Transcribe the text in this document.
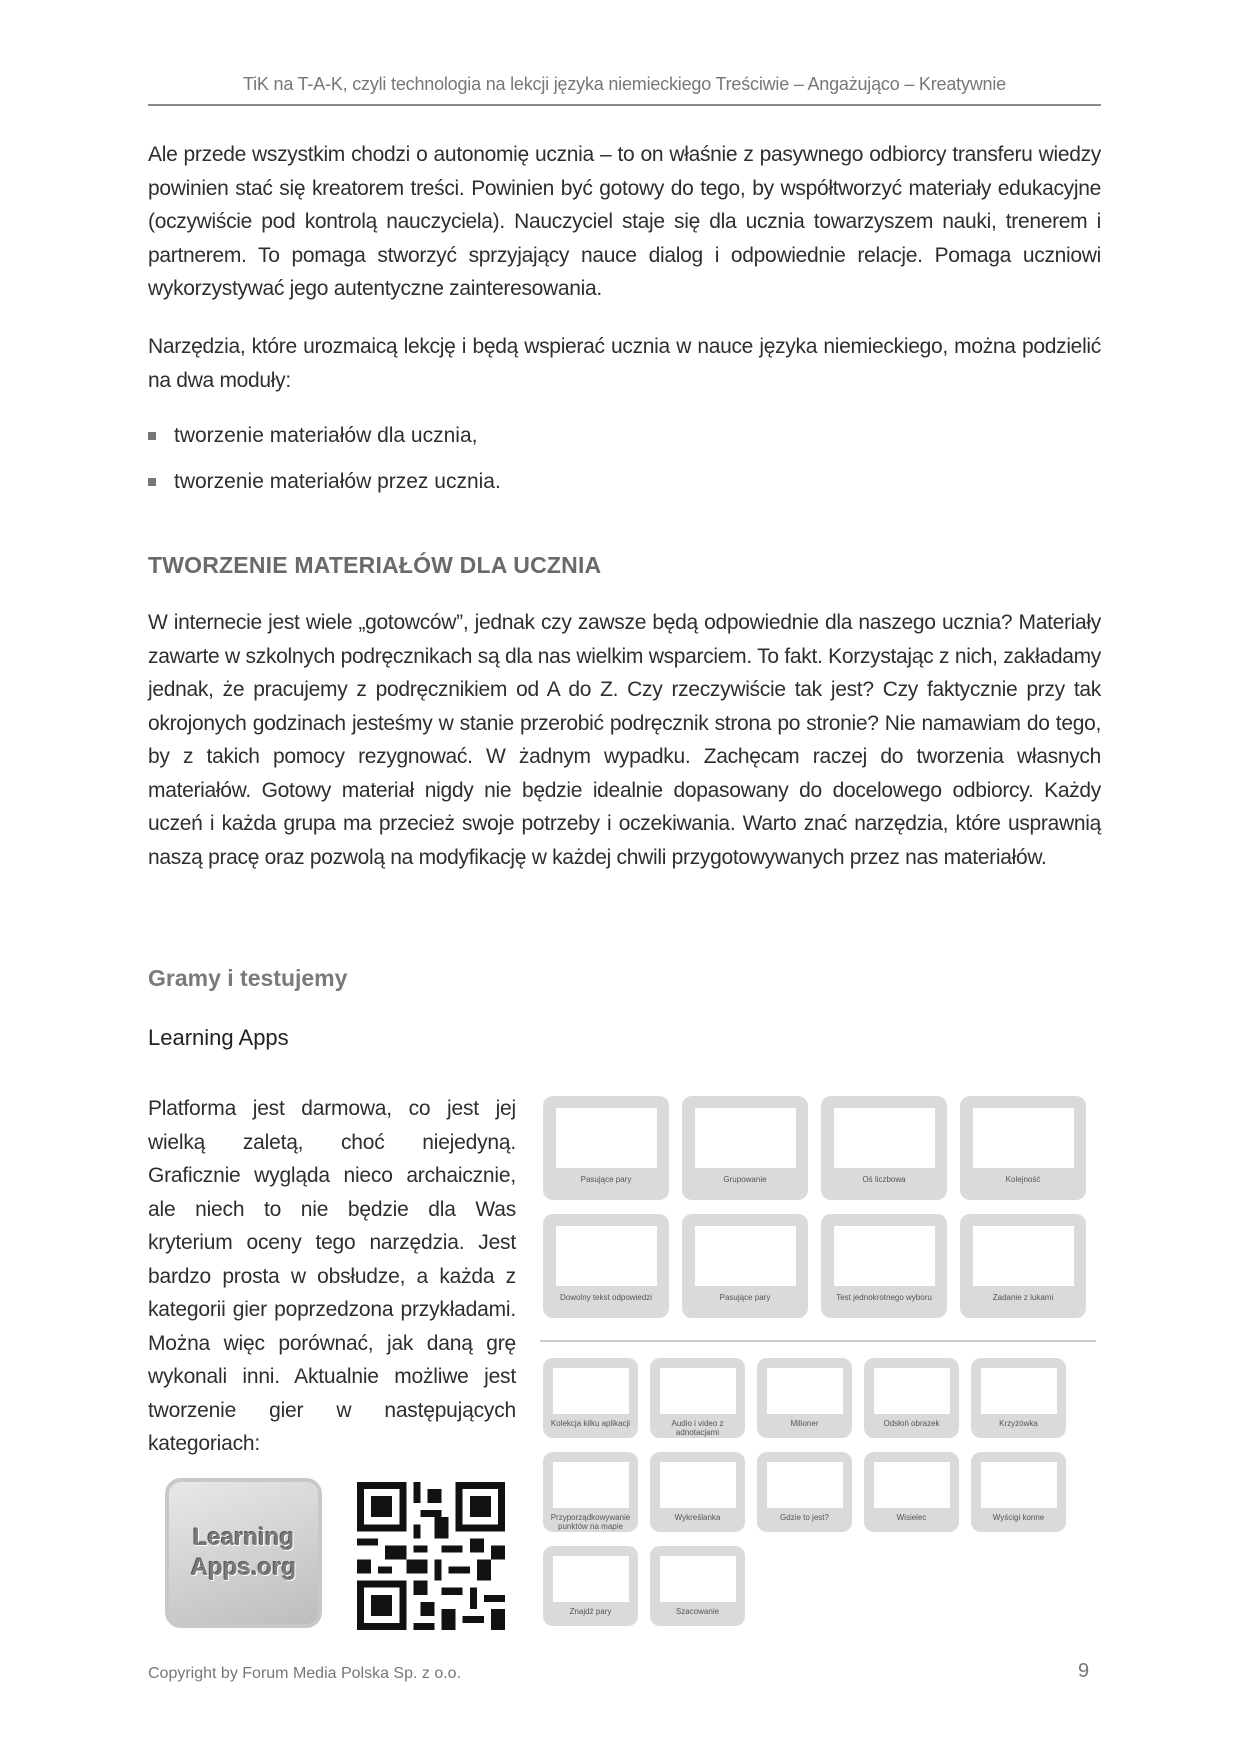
TiK na T-A-K, czyli technologia na lekcji języka niemieckiego Treściwie – Angażująco – Kreatywnie
Ale przede wszystkim chodzi o autonomię ucznia – to on właśnie z pasywnego odbiorcy transferu wiedzy powinien stać się kreatorem treści. Powinien być gotowy do tego, by współtworzyć materiały edukacyjne (oczywiście pod kontrolą nauczyciela). Nauczyciel staje się dla ucznia towarzyszem nauki, trenerem i partnerem. To pomaga stworzyć sprzyjający nauce dialog i odpowiednie relacje. Pomaga uczniowi wykorzystywać jego autentyczne zainteresowania.
Narzędzia, które urozmaicą lekcję i będą wspierać ucznia w nauce języka niemieckiego, można podzielić na dwa moduły:
tworzenie materiałów dla ucznia,
tworzenie materiałów przez ucznia.
TWORZENIE MATERIAŁÓW DLA UCZNIA
W internecie jest wiele „gotowców”, jednak czy zawsze będą odpowiednie dla naszego ucznia? Materiały zawarte w szkolnych podręcznikach są dla nas wielkim wsparciem. To fakt. Korzystając z nich, zakładamy jednak, że pracujemy z podręcznikiem od A do Z. Czy rzeczywiście tak jest? Czy faktycznie przy tak okrojonych godzinach jesteśmy w stanie przerobić podręcznik strona po stronie? Nie namawiam do tego, by z takich pomocy rezygnować. W żadnym wypadku. Zachęcam raczej do tworzenia własnych materiałów. Gotowy materiał nigdy nie będzie idealnie dopasowany do docelowego odbiorcy. Każdy uczeń i każda grupa ma przecież swoje potrzeby i oczekiwania. Warto znać narzędzia, które usprawnią naszą pracę oraz pozwolą na modyfikację w każdej chwili przygotowywanych przez nas materiałów.
Gramy i testujemy
Learning Apps
Platforma jest darmowa, co jest jej wielką zaletą, choć niejedyną. Graficznie wygląda nieco archaicznie, ale niech to nie będzie dla Was kryterium oceny tego narzędzia. Jest bardzo prosta w obsłudze, a każda z kategorii gier poprzedzona przykładami. Można więc porównać, jak daną grę wykonali inni. Aktualnie możliwe jest tworzenie gier w następujących kategoriach:
Learning
Apps.org
Pasujące pary	Grupowanie	Oś liczbowa	Kolejność
Dowolny tekst odpowiedzi	Pasujące pary	Test jednokrotnego wyboru	Zadanie z lukami
Kolekcja kilku aplikacji	Audio i video z adnotacjami
Milioner	Odsłoń obrazek	Krzyżówka
Przyporządkowywanie punktów na mapie
Wykreślanka	Gdzie to jest?	Wisielec	Wyścigi konne
Znajdź pary	Szacowanie
Copyright by Forum Media Polska Sp. z o.o.	9
